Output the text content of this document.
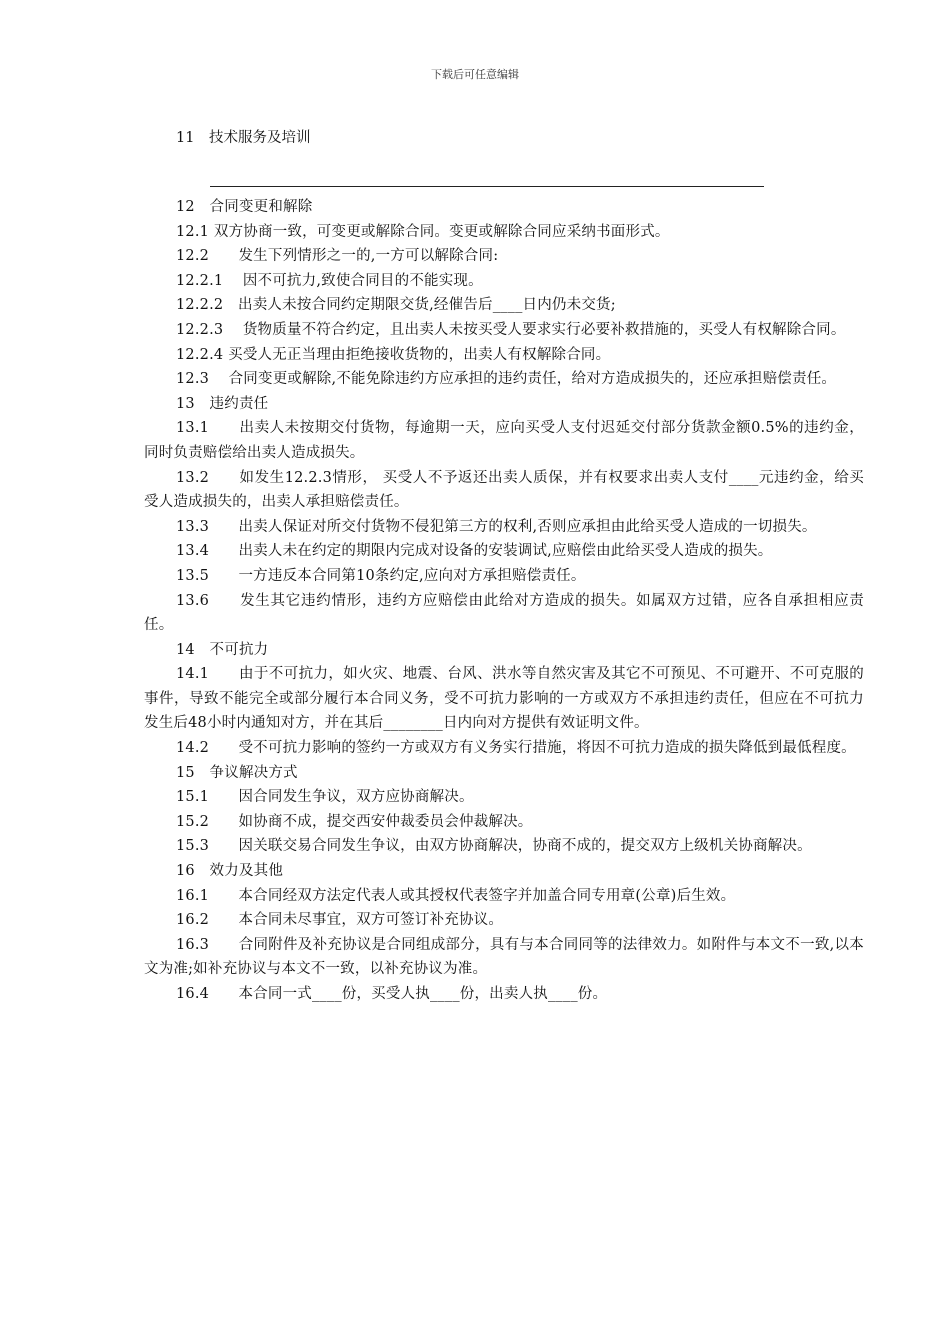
下载后可任意编辑

11　技术服务及培训

12　合同变更和解除

12.1 双方协商一致，可变更或解除合同。变更或解除合同应采纳书面形式。

12.2　　发生下列情形之一的,一方可以解除合同:

12.2.1　 因不可抗力,致使合同目的不能实现。

12.2.2　出卖人未按合同约定期限交货,经催告后____日内仍未交货;

12.2.3　 货物质量不符合约定，且出卖人未按买受人要求实行必要补救措施的，买受人有权解除合同。

12.2.4 买受人无正当理由拒绝接收货物的，出卖人有权解除合同。

12.3　 合同变更或解除,不能免除违约方应承担的违约责任，给对方造成损失的，还应承担赔偿责任。

13　违约责任

13.1　　出卖人未按期交付货物，每逾期一天，应向买受人支付迟延交付部分货款金额0.5%的违约金，同时负责赔偿给出卖人造成损失。

13.2　　如发生12.2.3情形， 买受人不予返还出卖人质保，并有权要求出卖人支付____元违约金，给买受人造成损失的，出卖人承担赔偿责任。

13.3　　出卖人保证对所交付货物不侵犯第三方的权利,否则应承担由此给买受人造成的一切损失。

13.4　　出卖人未在约定的期限内完成对设备的安装调试,应赔偿由此给买受人造成的损失。

13.5　　一方违反本合同第10条约定,应向对方承担赔偿责任。

13.6　　发生其它违约情形，违约方应赔偿由此给对方造成的损失。如属双方过错，应各自承担相应责任。

14　不可抗力

14.1　　由于不可抗力，如火灾、地震、台风、洪水等自然灾害及其它不可预见、不可避开、不可克服的事件，导致不能完全或部分履行本合同义务，受不可抗力影响的一方或双方不承担违约责任，但应在不可抗力发生后48小时内通知对方，并在其后________日内向对方提供有效证明文件。

14.2　　受不可抗力影响的签约一方或双方有义务实行措施，将因不可抗力造成的损失降低到最低程度。

15　争议解决方式

15.1　　因合同发生争议，双方应协商解决。

15.2　　如协商不成，提交西安仲裁委员会仲裁解决。

15.3　　因关联交易合同发生争议，由双方协商解决，协商不成的，提交双方上级机关协商解决。

16　效力及其他

16.1　　本合同经双方法定代表人或其授权代表签字并加盖合同专用章(公章)后生效。

16.2　　本合同未尽事宜，双方可签订补充协议。

16.3　　合同附件及补充协议是合同组成部分，具有与本合同同等的法律效力。如附件与本文不一致,以本文为准;如补充协议与本文不一致，以补充协议为准。

16.4　　本合同一式____份，买受人执____份，出卖人执____份。
